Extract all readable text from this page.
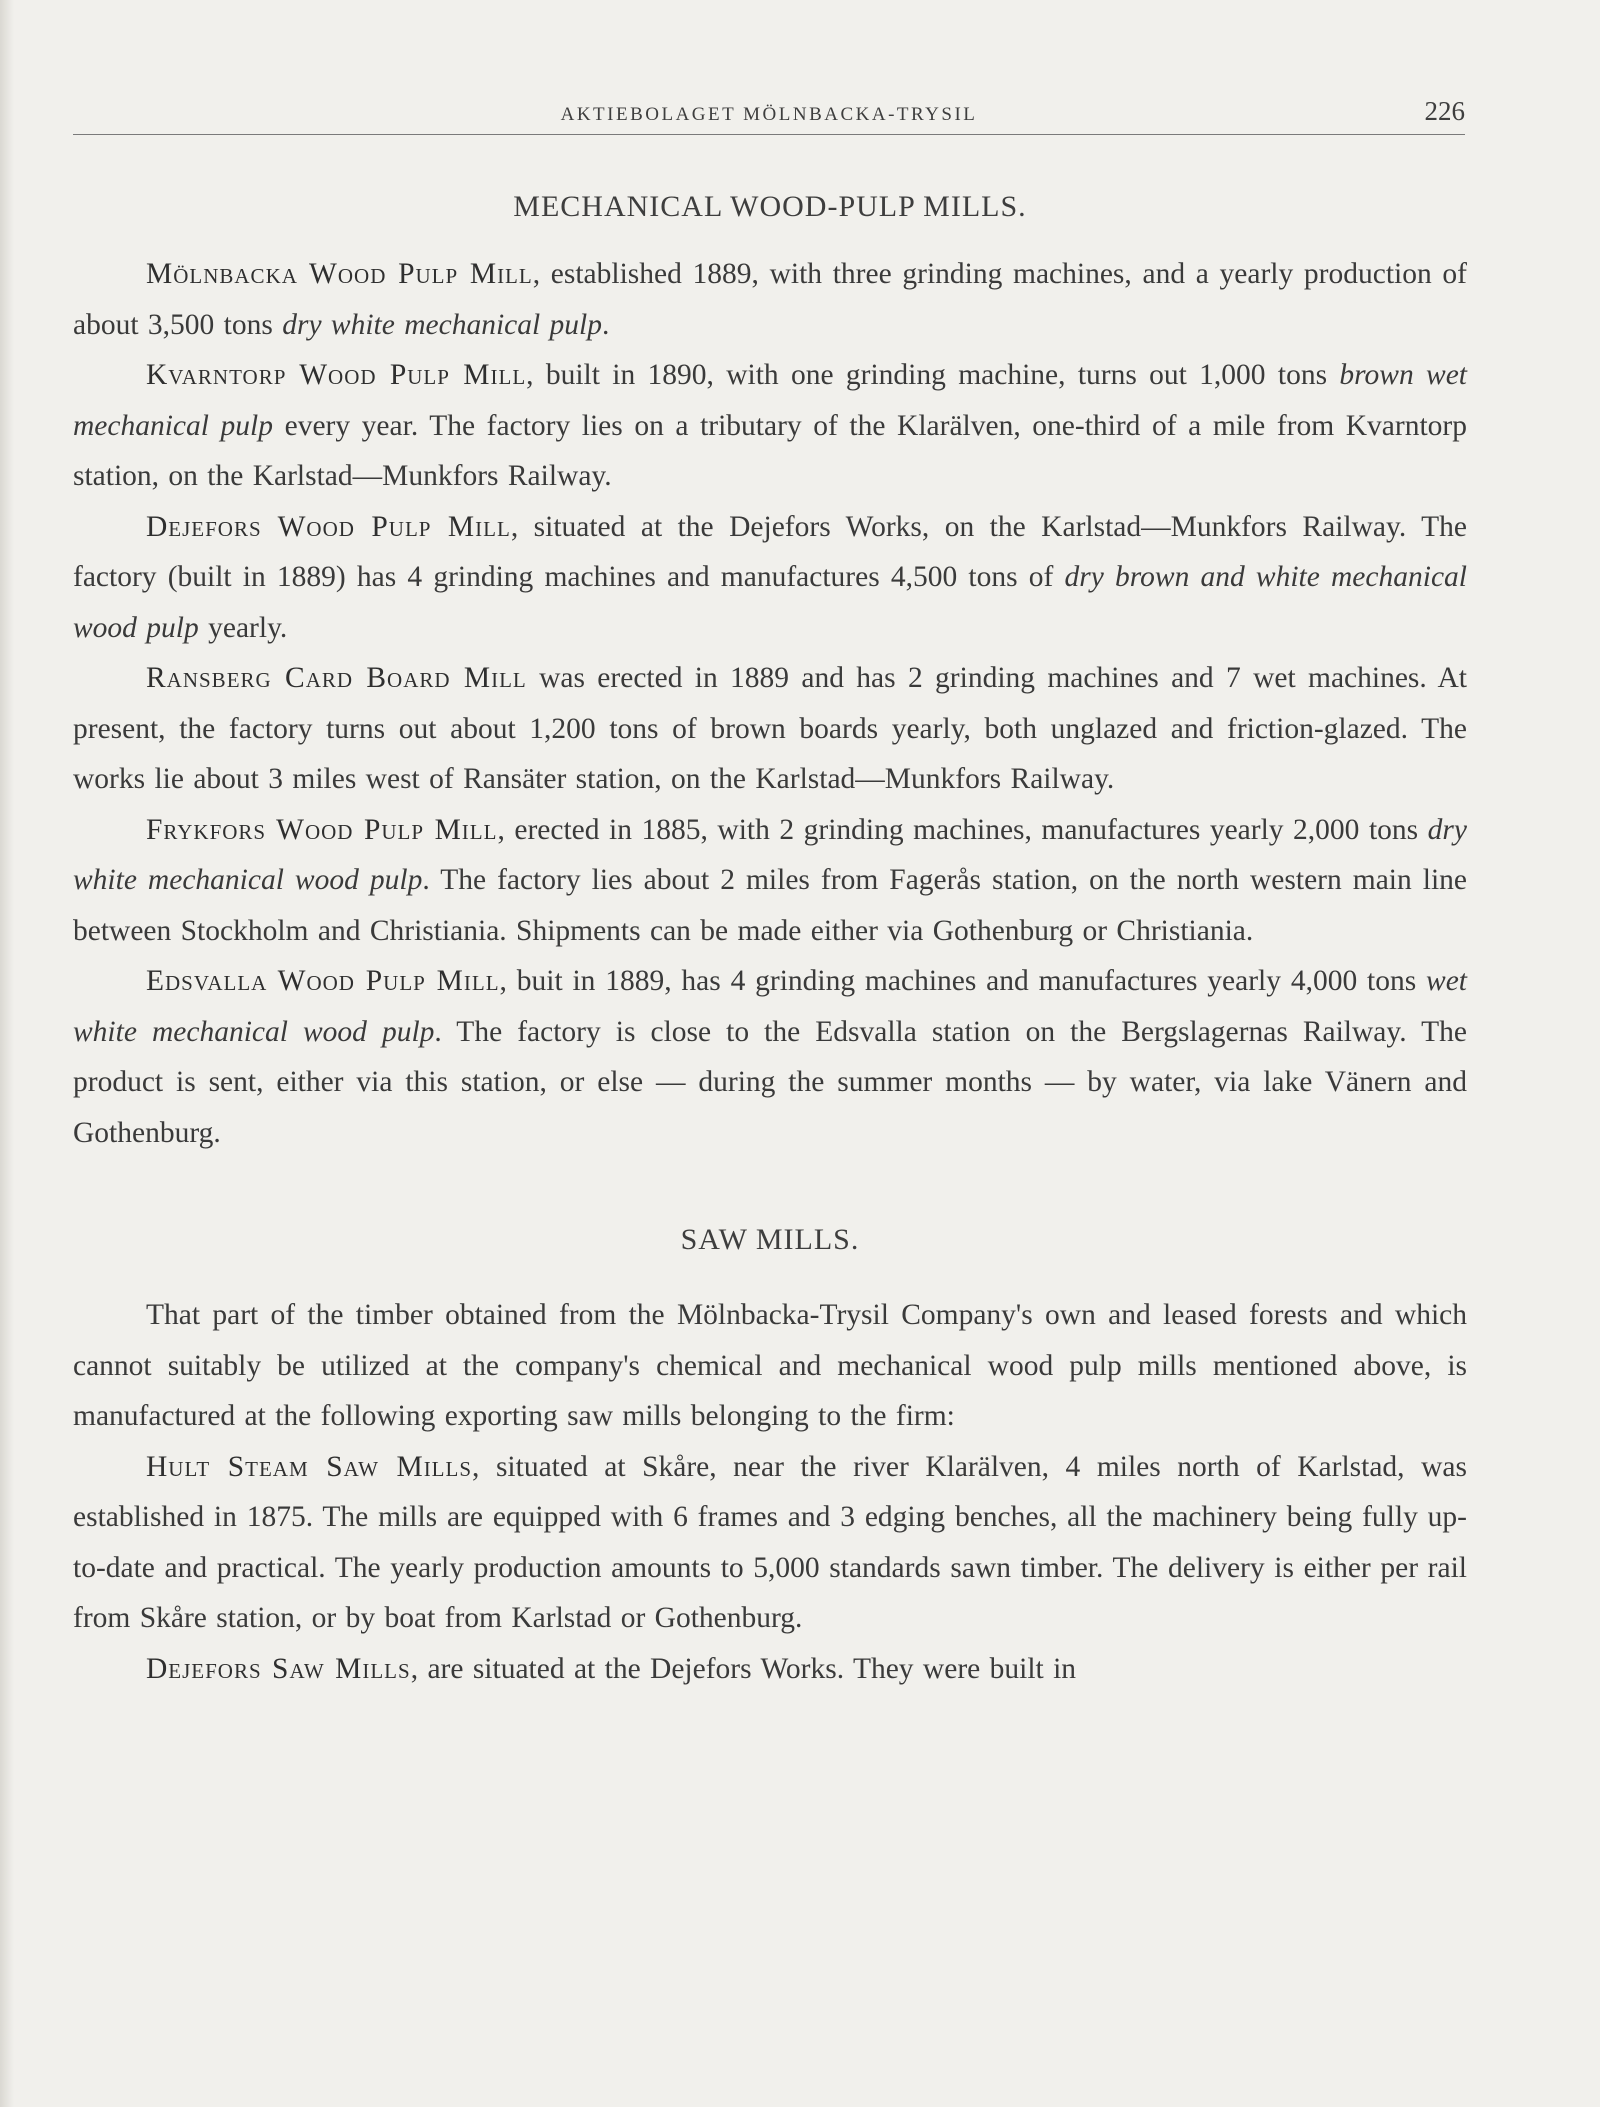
AKTIEBOLAGET MÖLNBACKA-TRYSIL	226
MECHANICAL WOOD-PULP MILLS.

Mölnbacka Wood Pulp Mill, established 1889, with three grinding machines, and a yearly production of about 3,500 tons dry white mechanical pulp.

Kvarntorp Wood Pulp Mill, built in 1890, with one grinding machine, turns out 1,000 tons brown wet mechanical pulp every year. The factory lies on a tributary of the Klarälven, one-third of a mile from Kvarntorp station, on the Karlstad—Munkfors Railway.

Dejefors Wood Pulp Mill, situated at the Dejefors Works, on the Karlstad—Munkfors Railway. The factory (built in 1889) has 4 grinding machines and manufactures 4,500 tons of dry brown and white mechanical wood pulp yearly.

Ransberg Card Board Mill was erected in 1889 and has 2 grinding machines and 7 wet machines. At present, the factory turns out about 1,200 tons of brown boards yearly, both unglazed and friction-glazed. The works lie about 3 miles west of Ransäter station, on the Karlstad—Munkfors Railway.

Frykfors Wood Pulp Mill, erected in 1885, with 2 grinding machines, manufactures yearly 2,000 tons dry white mechanical wood pulp. The factory lies about 2 miles from Fagerås station, on the north western main line between Stockholm and Christiania. Shipments can be made either via Gothenburg or Christiania.

Edsvalla Wood Pulp Mill, buit in 1889, has 4 grinding machines and manufactures yearly 4,000 tons wet white mechanical wood pulp. The factory is close to the Edsvalla station on the Bergslagernas Railway. The product is sent, either via this station, or else — during the summer months — by water, via lake Vänern and Gothenburg.

SAW MILLS.

That part of the timber obtained from the Mölnbacka-Trysil Company's own and leased forests and which cannot suitably be utilized at the company's chemical and mechanical wood pulp mills mentioned above, is manufactured at the following exporting saw mills belonging to the firm:

Hult Steam Saw Mills, situated at Skåre, near the river Klarälven, 4 miles north of Karlstad, was established in 1875. The mills are equipped with 6 frames and 3 edging benches, all the machinery being fully up-to-date and practical. The yearly production amounts to 5,000 standards sawn timber. The delivery is either per rail from Skåre station, or by boat from Karlstad or Gothenburg.

Dejefors Saw Mills, are situated at the Dejefors Works. They were built in
